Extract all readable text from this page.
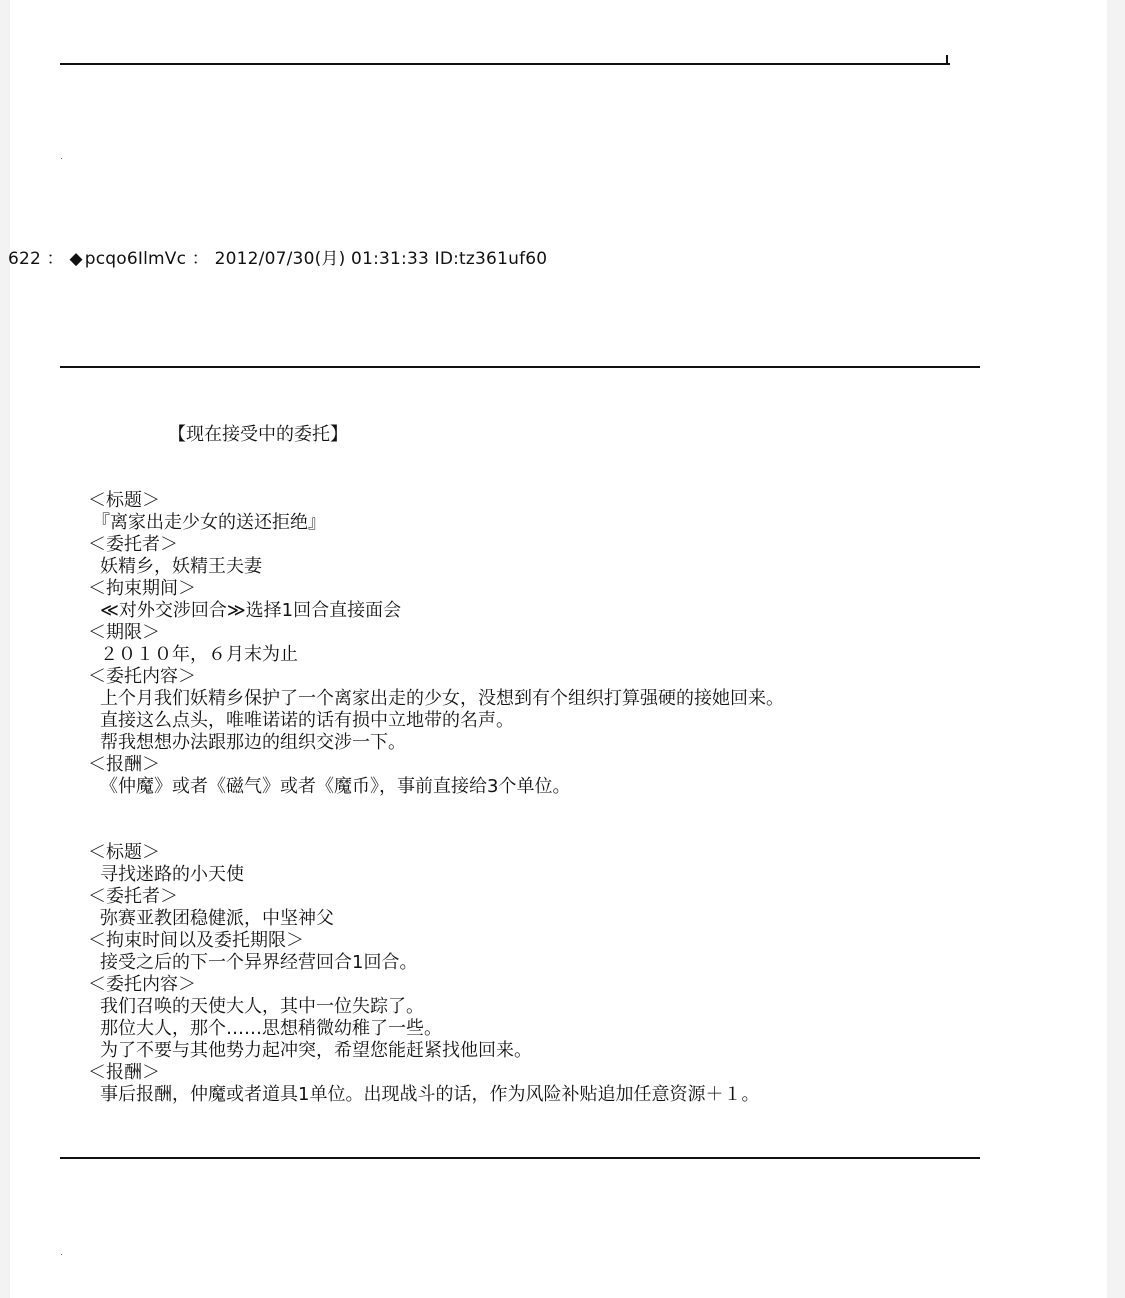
622 ： ◆ pcqo6IlmVc ： 2012/07/30(月) 01:31:33 ID:tz361uf60
【现在接受中的委托】
＜标题＞
『离家出走少女的送还拒绝』
＜委托者＞
妖精乡，妖精王夫妻
＜拘束期间＞
≪对外交涉回合≫选择1回合直接面会
＜期限＞
２０１０年，６月末为止
＜委托内容＞
上个月我们妖精乡保护了一个离家出走的少女，没想到有个组织打算强硬的接她回来。
直接这么点头，唯唯诺诺的话有损中立地带的名声。
帮我想想办法跟那边的组织交涉一下。
＜报酬＞
《仲魔》或者《磁气》或者《魔币》，事前直接给3个单位。
＜标题＞
寻找迷路的小天使
＜委托者＞
弥赛亚教团稳健派，中坚神父
＜拘束时间以及委托期限＞
接受之后的下一个异界经营回合1回合。
＜委托内容＞
我们召唤的天使大人，其中一位失踪了。
那位大人，那个……思想稍微幼稚了一些。
为了不要与其他势力起冲突，希望您能赶紧找他回来。
＜报酬＞
事后报酬，仲魔或者道具1单位。出现战斗的话，作为风险补贴追加任意资源＋１。
